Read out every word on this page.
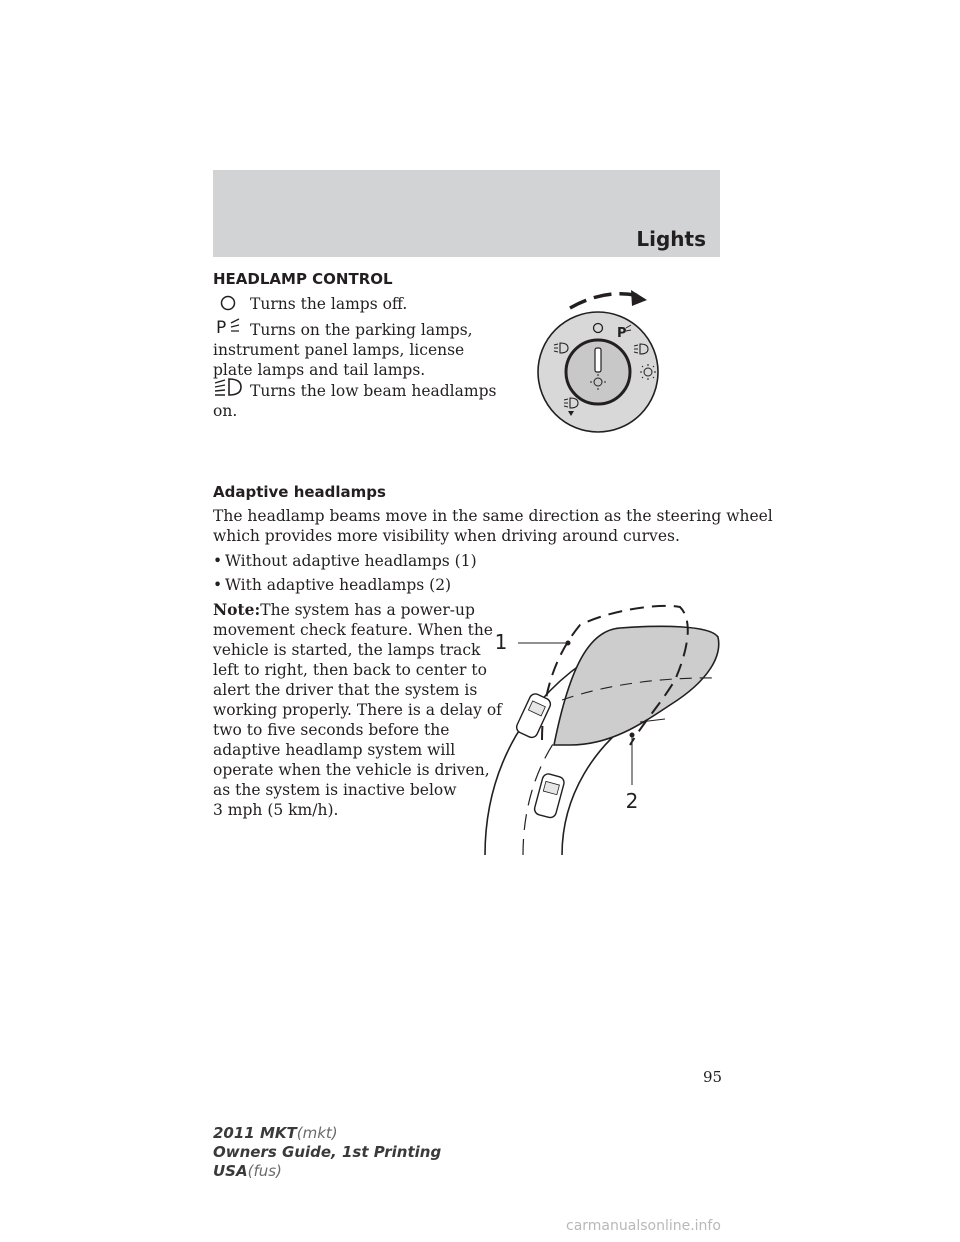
Lights
HEADLAMP CONTROL
Turns the lamps off.
P Turns on the parking lamps,
instrument panel lamps, license
plate lamps and tail lamps.
Turns the low beam headlamps
on.
P
Adaptive headlamps
The headlamp beams move in the same direction as the steering wheel
which provides more visibility when driving around curves.
• Without adaptive headlamps (1)
• With adaptive headlamps (2)
Note:The system has a power-up
movement check feature. When the
vehicle is started, the lamps track
left to right, then back to center to
alert the driver that the system is
working properly. There is a delay of
two to five seconds before the
adaptive headlamp system will
operate when the vehicle is driven,
as the system is inactive below
3 mph (5 km/h).
1
2
95
2011 MKT(mkt)
Owners Guide, 1st Printing
USA(fus)
carmanualsonline.info
